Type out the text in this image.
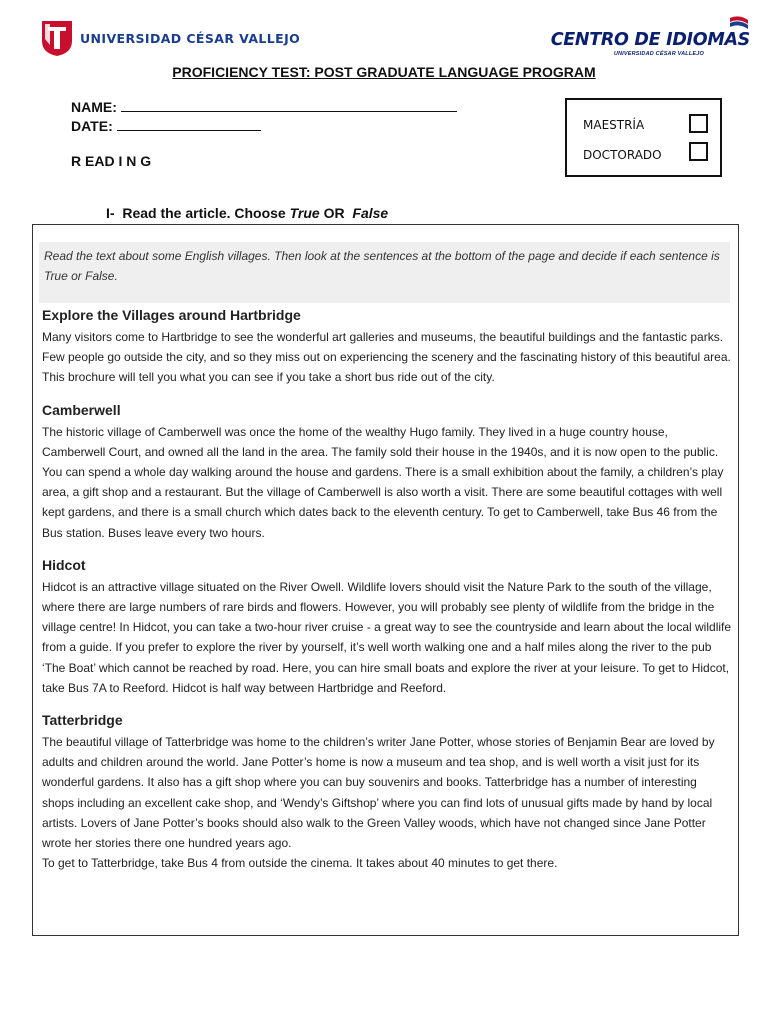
UNIVERSIDAD CÉSAR VALLEJO	CENTRO DE IDIOMAS
UNIVERSIDAD CÉSAR VALLEJO
PROFICIENCY TEST: POST GRADUATE LANGUAGE PROGRAM
NAME:
DATE:
R EAD I N G
MAESTRÍA
DOCTORADO
I- Read the article. Choose True OR False
Read the text about some English villages. Then look at the sentences at the bottom of the page and decide if each sentence is True or False.
Explore the Villages around Hartbridge

Many visitors come to Hartbridge to see the wonderful art galleries and museums, the beautiful buildings and the fantastic parks. Few people go outside the city, and so they miss out on experiencing the scenery and the fascinating history of this beautiful area. This brochure will tell you what you can see if you take a short bus ride out of the city.

Camberwell

The historic village of Camberwell was once the home of the wealthy Hugo family. They lived in a huge country house, Camberwell Court, and owned all the land in the area. The family sold their house in the 1940s, and it is now open to the public. You can spend a whole day walking around the house and gardens. There is a small exhibition about the family, a children’s play area, a gift shop and a restaurant. But the village of Camberwell is also worth a visit. There are some beautiful cottages with well kept gardens, and there is a small church which dates back to the eleventh century. To get to Camberwell, take Bus 46 from the Bus station. Buses leave every two hours.

Hidcot

Hidcot is an attractive village situated on the River Owell. Wildlife lovers should visit the Nature Park to the south of the village, where there are large numbers of rare birds and flowers. However, you will probably see plenty of wildlife from the bridge in the village centre! In Hidcot, you can take a two-hour river cruise - a great way to see the countryside and learn about the local wildlife from a guide. If you prefer to explore the river by yourself, it’s well worth walking one and a half miles along the river to the pub ‘The Boat’ which cannot be reached by road. Here, you can hire small boats and explore the river at your leisure. To get to Hidcot, take Bus 7A to Reeford. Hidcot is half way between Hartbridge and Reeford.

Tatterbridge

The beautiful village of Tatterbridge was home to the children’s writer Jane Potter, whose stories of Benjamin Bear are loved by adults and children around the world. Jane Potter’s home is now a museum and tea shop, and is well worth a visit just for its wonderful gardens. It also has a gift shop where you can buy souvenirs and books. Tatterbridge has a number of interesting shops including an excellent cake shop, and ‘Wendy’s Giftshop’ where you can find lots of unusual gifts made by hand by local artists. Lovers of Jane Potter’s books should also walk to the Green Valley woods, which have not changed since Jane Potter wrote her stories there one hundred years ago.

To get to Tatterbridge, take Bus 4 from outside the cinema. It takes about 40 minutes to get there.
